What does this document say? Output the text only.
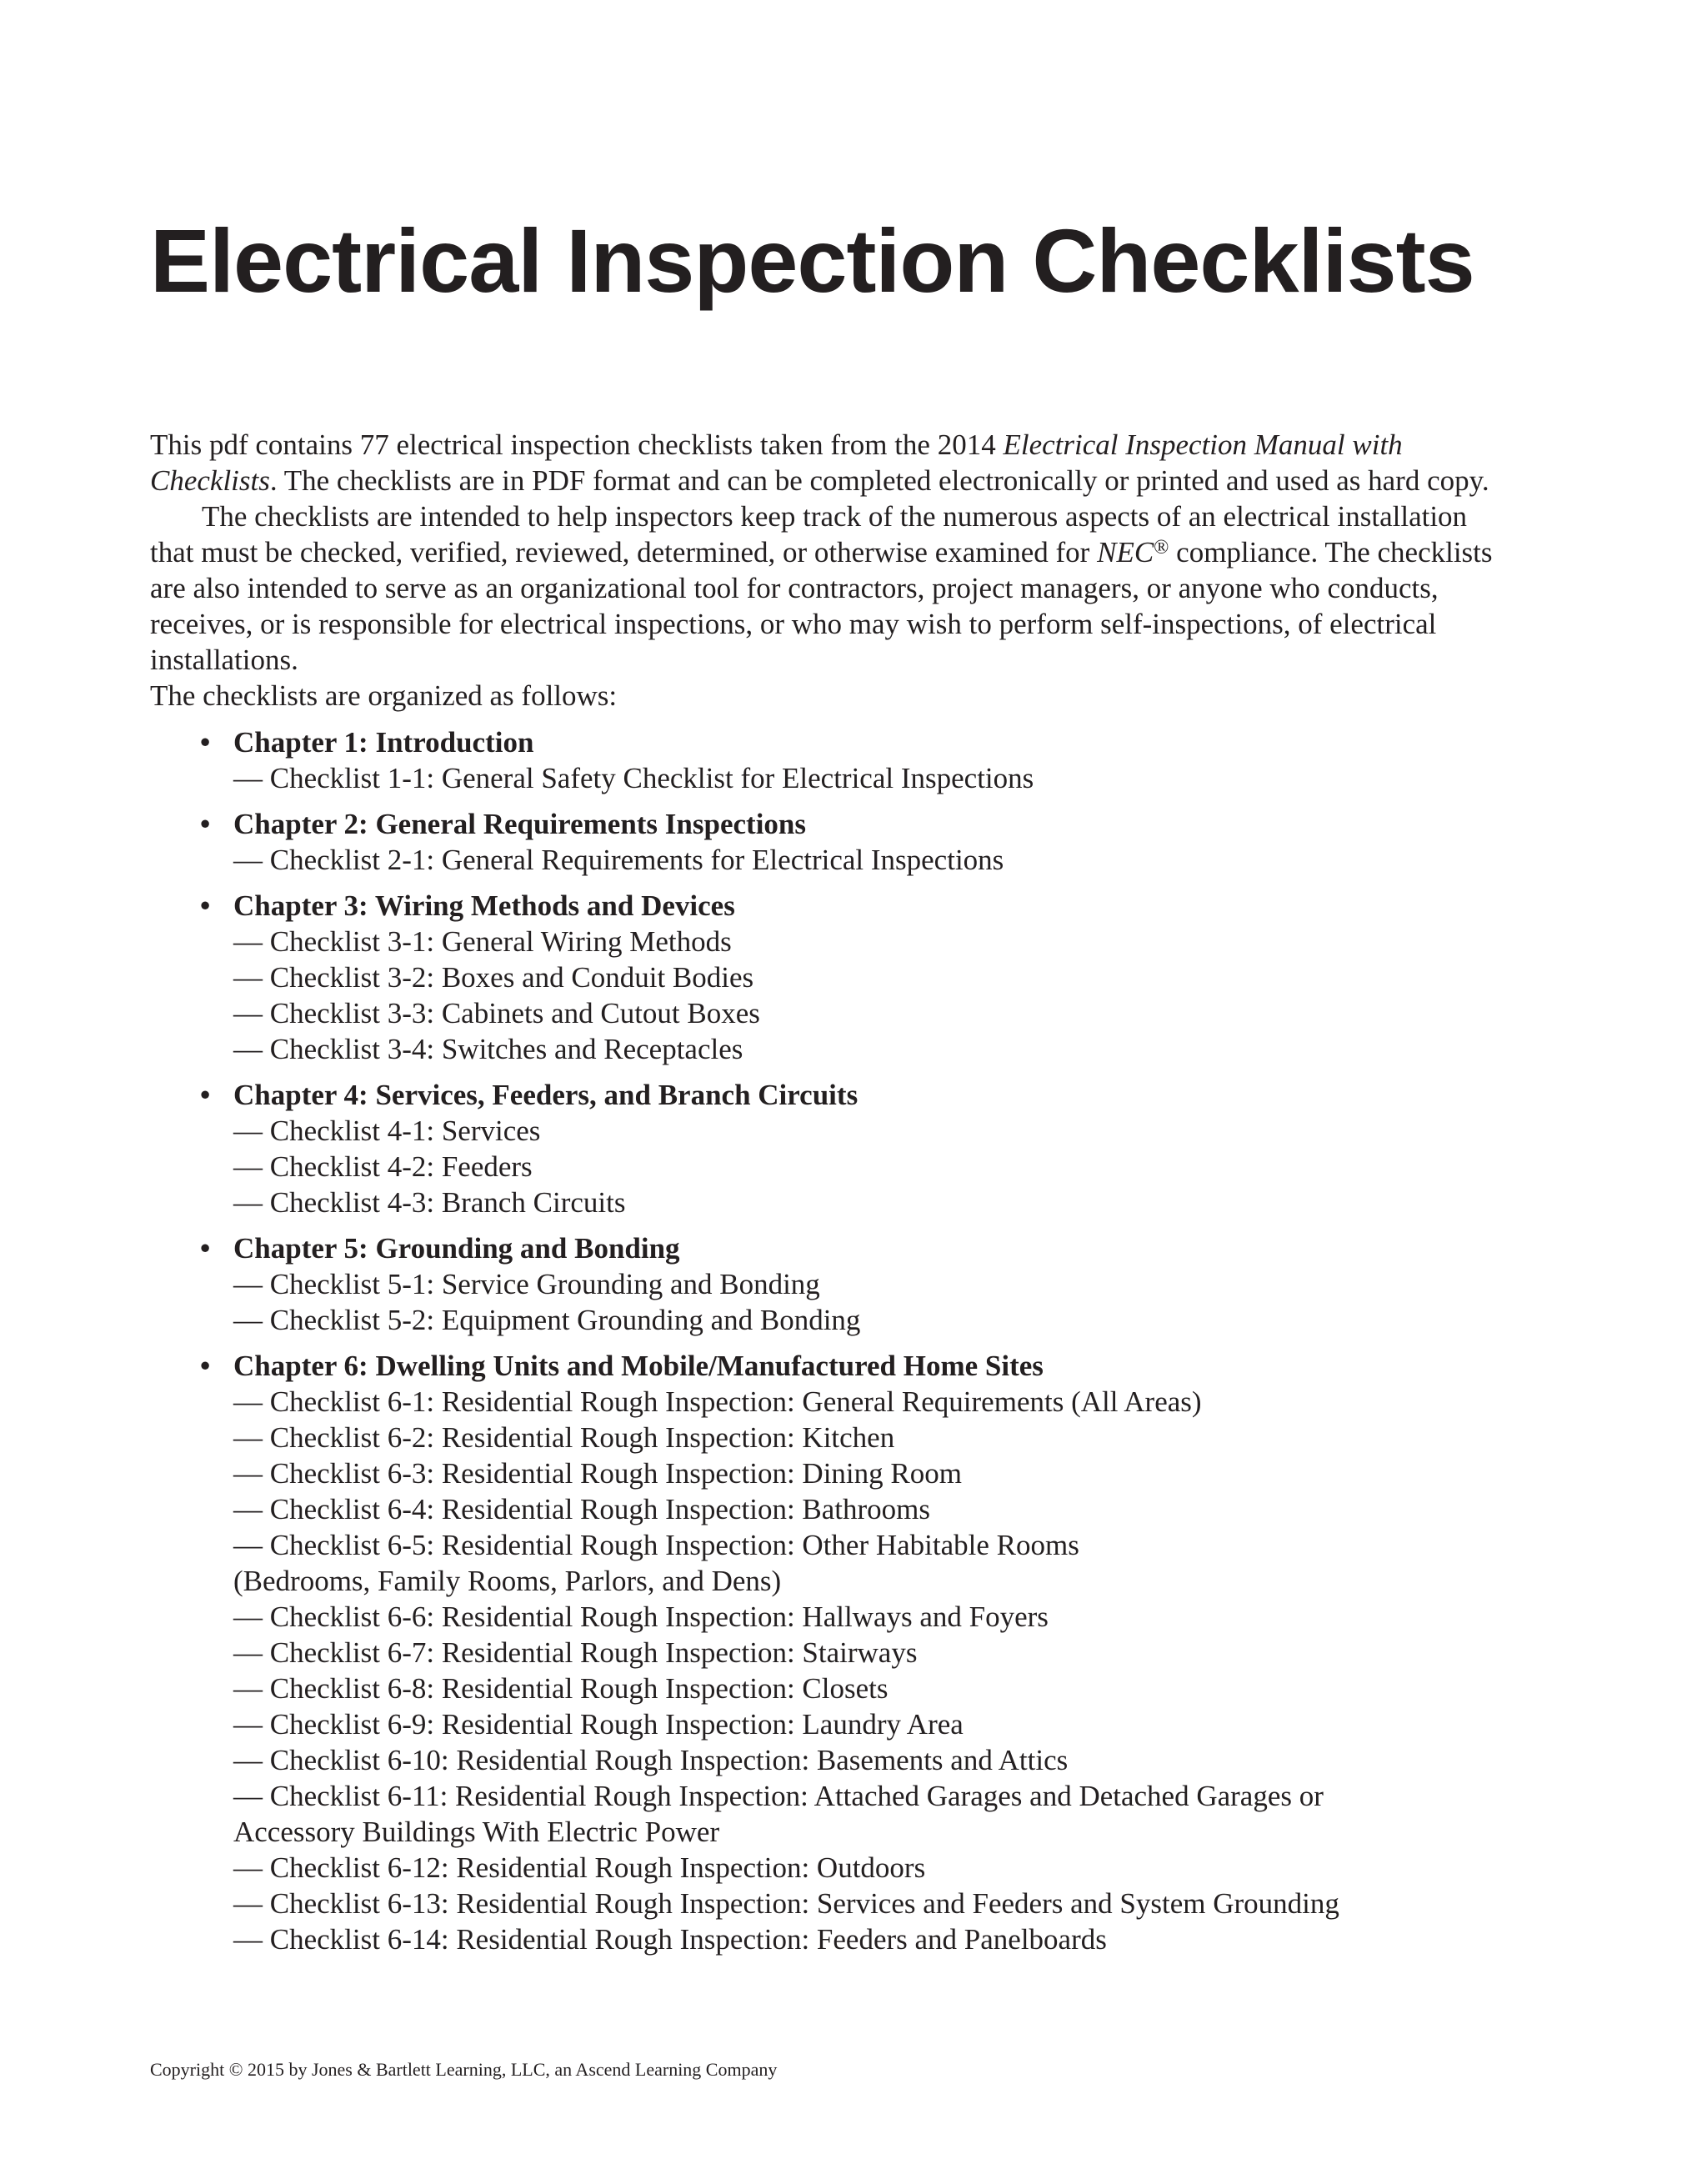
Electrical Inspection Checklists

This pdf contains 77 electrical inspection checklists taken from the 2014 Electrical Inspection Manual with

Checklists. The checklists are in PDF format and can be completed electronically or printed and used as hard copy.

The checklists are intended to help inspectors keep track of the numerous aspects of an electrical installation

that must be checked, verified, reviewed, determined, or otherwise examined for NEC® compliance. The checklists

are also intended to serve as an organizational tool for contractors, project managers, or anyone who conducts,

receives, or is responsible for electrical inspections, or who may wish to perform self-inspections, of electrical

installations.

The checklists are organized as follows:

• Chapter 1: Introduction
— Checklist 1-1: General Safety Checklist for Electrical Inspections
• Chapter 2: General Requirements Inspections
— Checklist 2-1: General Requirements for Electrical Inspections
• Chapter 3: Wiring Methods and Devices
— Checklist 3-1: General Wiring Methods
— Checklist 3-2: Boxes and Conduit Bodies
— Checklist 3-3: Cabinets and Cutout Boxes
— Checklist 3-4: Switches and Receptacles
• Chapter 4: Services, Feeders, and Branch Circuits
— Checklist 4-1: Services
— Checklist 4-2: Feeders
— Checklist 4-3: Branch Circuits
• Chapter 5: Grounding and Bonding
— Checklist 5-1: Service Grounding and Bonding
— Checklist 5-2: Equipment Grounding and Bonding
• Chapter 6: Dwelling Units and Mobile/Manufactured Home Sites
— Checklist 6-1: Residential Rough Inspection: General Requirements (All Areas)
— Checklist 6-2: Residential Rough Inspection: Kitchen
— Checklist 6-3: Residential Rough Inspection: Dining Room
— Checklist 6-4: Residential Rough Inspection: Bathrooms
— Checklist 6-5: Residential Rough Inspection: Other Habitable Rooms
(Bedrooms, Family Rooms, Parlors, and Dens)
— Checklist 6-6: Residential Rough Inspection: Hallways and Foyers
— Checklist 6-7: Residential Rough Inspection: Stairways
— Checklist 6-8: Residential Rough Inspection: Closets
— Checklist 6-9: Residential Rough Inspection: Laundry Area
— Checklist 6-10: Residential Rough Inspection: Basements and Attics
— Checklist 6-11: Residential Rough Inspection: Attached Garages and Detached Garages or
Accessory Buildings With Electric Power
— Checklist 6-12: Residential Rough Inspection: Outdoors
— Checklist 6-13: Residential Rough Inspection: Services and Feeders and System Grounding
— Checklist 6-14: Residential Rough Inspection: Feeders and Panelboards
Copyright © 2015 by Jones & Bartlett Learning, LLC, an Ascend Learning Company
